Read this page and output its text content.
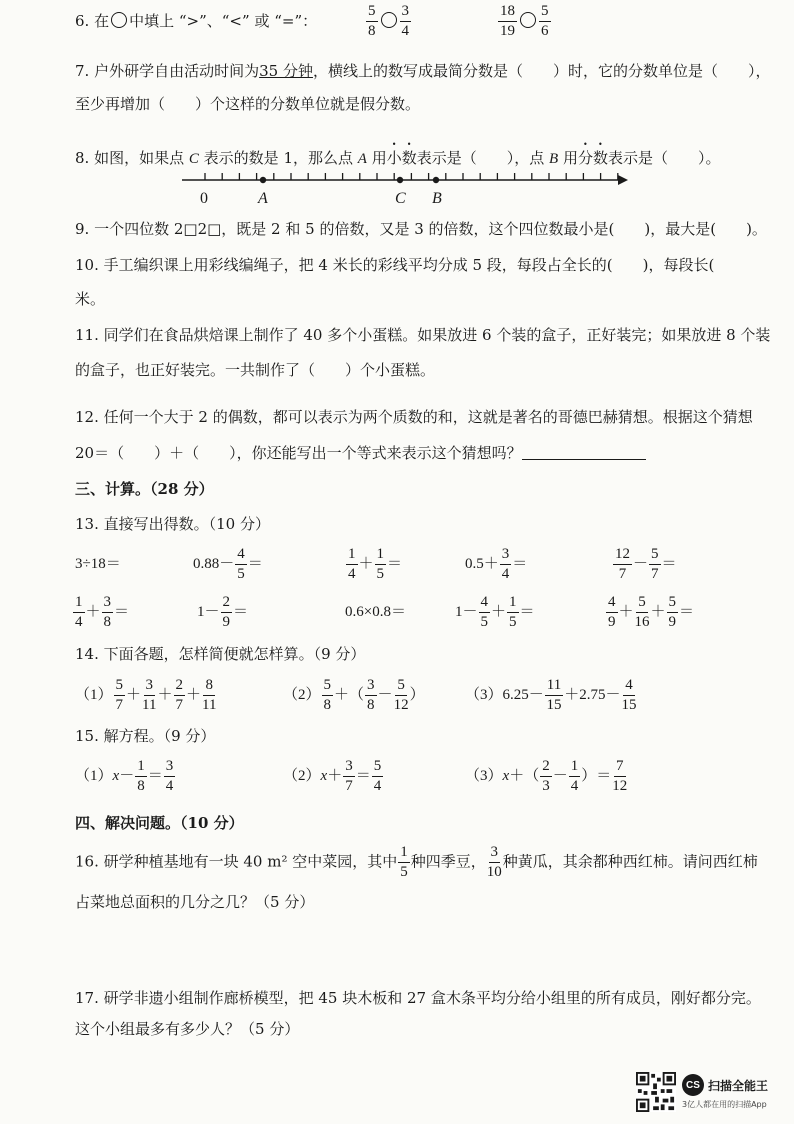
6. 在 中填上 “>”、“<” 或 “=”：	$\frac{5}{8} \frac{3}{4}$	$\frac{18}{19} \frac{5}{6}$
7. 户外研学自由活动时间为35 分钟，横线上的数写成最简分数是（　　）时，它的分数单位是（　　），
至少再增加（　　）个这样的分数单位就是假分数。
8. 如图，如果点 C 表示的数是 1，那么点 A 用小数表示是（　　），点 B 用分数表示是（　　）。
0	A	C B
9. 一个四位数 2□2□，既是 2 和 5 的倍数，又是 3 的倍数，这个四位数最小是(　　)，最大是(　　)。
10. 手工编织课上用彩线编绳子，把 4 米长的彩线平均分成 5 段，每段占全长的(　　)，每段长(　　
米。
11. 同学们在食品烘焙课上制作了 40 多个小蛋糕。如果放进 6 个装的盒子，正好装完；如果放进 8 个装
的盒子，也正好装完。一共制作了（　　）个小蛋糕。
12. 任何一个大于 2 的偶数，都可以表示为两个质数的和，这就是著名的哥德巴赫猜想。根据这个猜想
20＝（　　）＋（　　），你还能写出一个等式来表示这个猜想吗？
三、计算。（28 分）
13. 直接写出得数。（10 分）
3÷18＝	$0.88- \frac{4}{5}$ ＝	$\frac{1}{4} + \frac{1}{5}$ ＝	$0.5+ \frac{3}{4}$ ＝	$\frac{12}{7} - \frac{5}{7}$ ＝
$\frac{1}{4} + \frac{3}{8}$ ＝	$1- \frac{2}{9}$ ＝	0.6×0.8＝	$1- \frac{4}{5} + \frac{1}{5}$ ＝	$\frac{4}{9} + \frac{5}{16} + \frac{5}{9}$ ＝
14. 下面各题，怎样简便就怎样算。（9 分）
$(1) \frac{5}{7} + \frac{3}{11} + \frac{2}{7} + \frac{8}{11}$	$(2) \frac{5}{8}$ ＋（ $\frac{3}{8} - \frac{5}{12}$ ）	$(3)6.25- \frac{11}{15} +2.75- \frac{4}{15}$
15. 解方程。（9 分）
$(1)x- \frac{1}{8} = \frac{3}{4}$	$(2)x+ \frac{3}{7} = \frac{5}{4}$	$(3)x+( \frac{2}{3} - \frac{1}{4}$ ）＝ $\frac{7}{12}$
四、解决问题。（10 分）
16. 研学种植基地有一块 40 m² 空中菜园，其中 $\frac{1}{5}$ 种四季豆， $\frac{3}{10}$ 种黄瓜，其余都种西红柿。请问西红柿
占菜地总面积的几分之几？（5 分）
17. 研学非遗小组制作廊桥模型，把 45 块木板和 27 盒木条平均分给小组里的所有成员，刚好都分完。
这个小组最多有多少人？（5 分）
CS 扫描全能王
3亿人都在用的扫描App
